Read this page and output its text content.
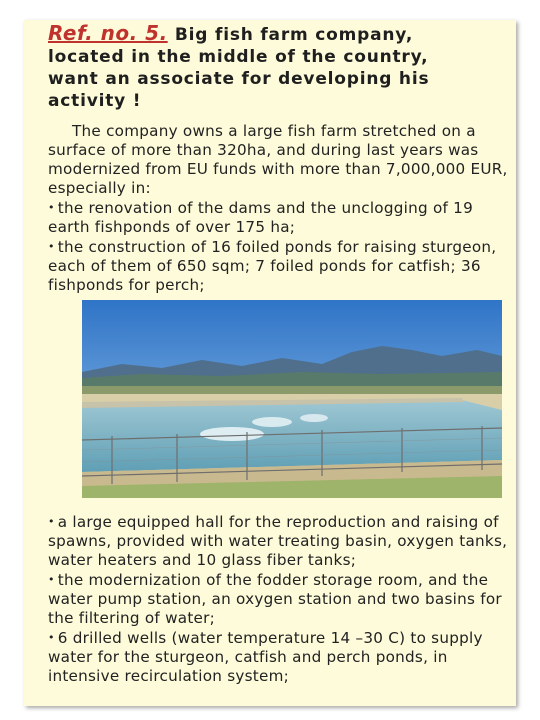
Ref. no. 5. Big fish farm company,

located in the middle of the country,

want an associate for developing his

activity !

The company owns a large fish farm stretched on a surface of more than 320ha, and during last years was modernized from EU funds with more than 7,000,000 EUR, especially in:

• the renovation of the dams and the unclogging of 19 earth fishponds of over 175 ha;

• the construction of 16 foiled ponds for raising sturgeon, each of them of 650 sqm; 7 foiled ponds for catfish; 36 fishponds for perch;

• a large equipped hall for the reproduction and raising of spawns, provided with water treating basin, oxygen tanks, water heaters and 10 glass fiber tanks;

• the modernization of the fodder storage room, and the water pump station, an oxygen station and two basins for the filtering of water;

• 6 drilled wells (water temperature 14 –30 C) to supply water for the sturgeon, catfish and perch ponds, in intensive recirculation system;
